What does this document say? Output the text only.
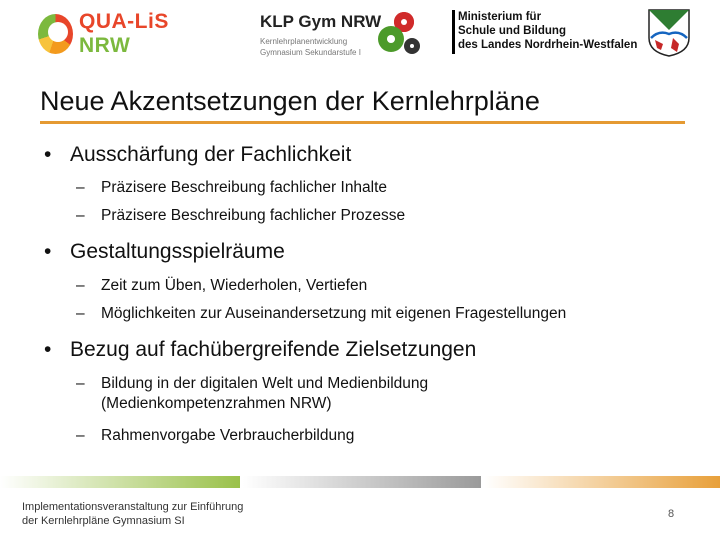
QUA-LiS NRW
KLP Gym NRW
Kernlehrplanentwicklung
Gymnasium Sekundarstufe I
Ministerium für
Schule und Bildung
des Landes Nordrhein-Westfalen
Neue Akzentsetzungen der Kernlehrpläne
• Ausschärfung der Fachlichkeit
– Präzisere Beschreibung fachlicher Inhalte
– Präzisere Beschreibung fachlicher Prozesse
• Gestaltungsspielräume
– Zeit zum Üben, Wiederholen, Vertiefen
– Möglichkeiten zur Auseinandersetzung mit eigenen Fragestellungen
• Bezug auf fachübergreifende Zielsetzungen
– Bildung in der digitalen Welt und Medienbildung
(Medienkompetenzrahmen NRW)
– Rahmenvorgabe Verbraucherbildung
Implementationsveranstaltung zur Einführung
der Kernlehrpläne Gymnasium SI
8
